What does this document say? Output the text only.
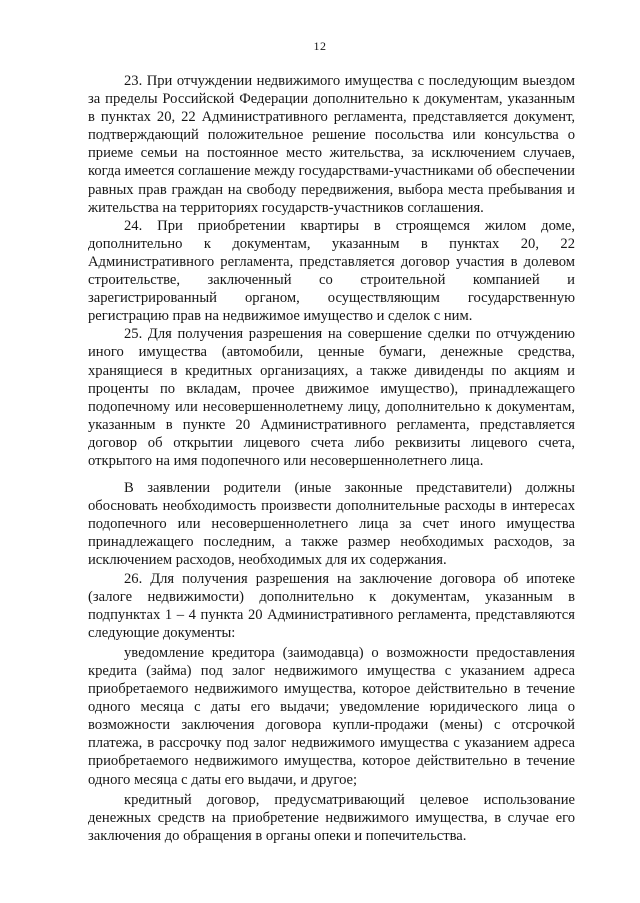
12

23. При отчуждении недвижимого имущества с последующим выездом за пределы Российской Федерации дополнительно к документам, указанным в пунктах 20, 22 Административного регламента, представляется документ, подтверждающий положительное решение посольства или консульства о приеме семьи на постоянное место жительства, за исключением случаев, когда имеется соглашение между государствами-участниками об обеспечении равных прав граждан на свободу передвижения, выбора места пребывания и жительства на территориях государств-участников соглашения.

24. При приобретении квартиры в строящемся жилом доме, дополнительно к документам, указанным в пунктах 20, 22 Административного регламента, представляется договор участия в долевом строительстве, заключенный со строительной компанией и зарегистрированный органом, осуществляющим государственную регистрацию прав на недвижимое имущество и сделок с ним.

25. Для получения разрешения на совершение сделки по отчуждению иного имущества (автомобили, ценные бумаги, денежные средства, хранящиеся в кредитных организациях, а также дивиденды по акциям и проценты по вкладам, прочее движимое имущество), принадлежащего подопечному или несовершеннолетнему лицу, дополнительно к документам, указанным в пункте 20 Административного регламента, представляется договор об открытии лицевого счета либо реквизиты лицевого счета, открытого на имя подопечного или несовершеннолетнего лица.

В заявлении родители (иные законные представители) должны обосновать необходимость произвести дополнительные расходы в интересах подопечного или несовершеннолетнего лица за счет иного имущества принадлежащего последним, а также размер необходимых расходов, за исключением расходов, необходимых для их содержания.

26. Для получения разрешения на заключение договора об ипотеке (залоге недвижимости) дополнительно к документам, указанным в подпунктах 1 – 4 пункта 20 Административного регламента, представляются следующие документы:

уведомление кредитора (заимодавца) о возможности предоставления кредита (займа) под залог недвижимого имущества с указанием адреса приобретаемого недвижимого имущества, которое действительно в течение одного месяца с даты его выдачи; уведомление юридического лица о возможности заключения договора купли-продажи (мены) с отсрочкой платежа, в рассрочку под залог недвижимого имущества с указанием адреса приобретаемого недвижимого имущества, которое действительно в течение одного месяца с даты его выдачи, и другое;

кредитный договор, предусматривающий целевое использование денежных средств на приобретение недвижимого имущества, в случае его заключения до обращения в органы опеки и попечительства.
